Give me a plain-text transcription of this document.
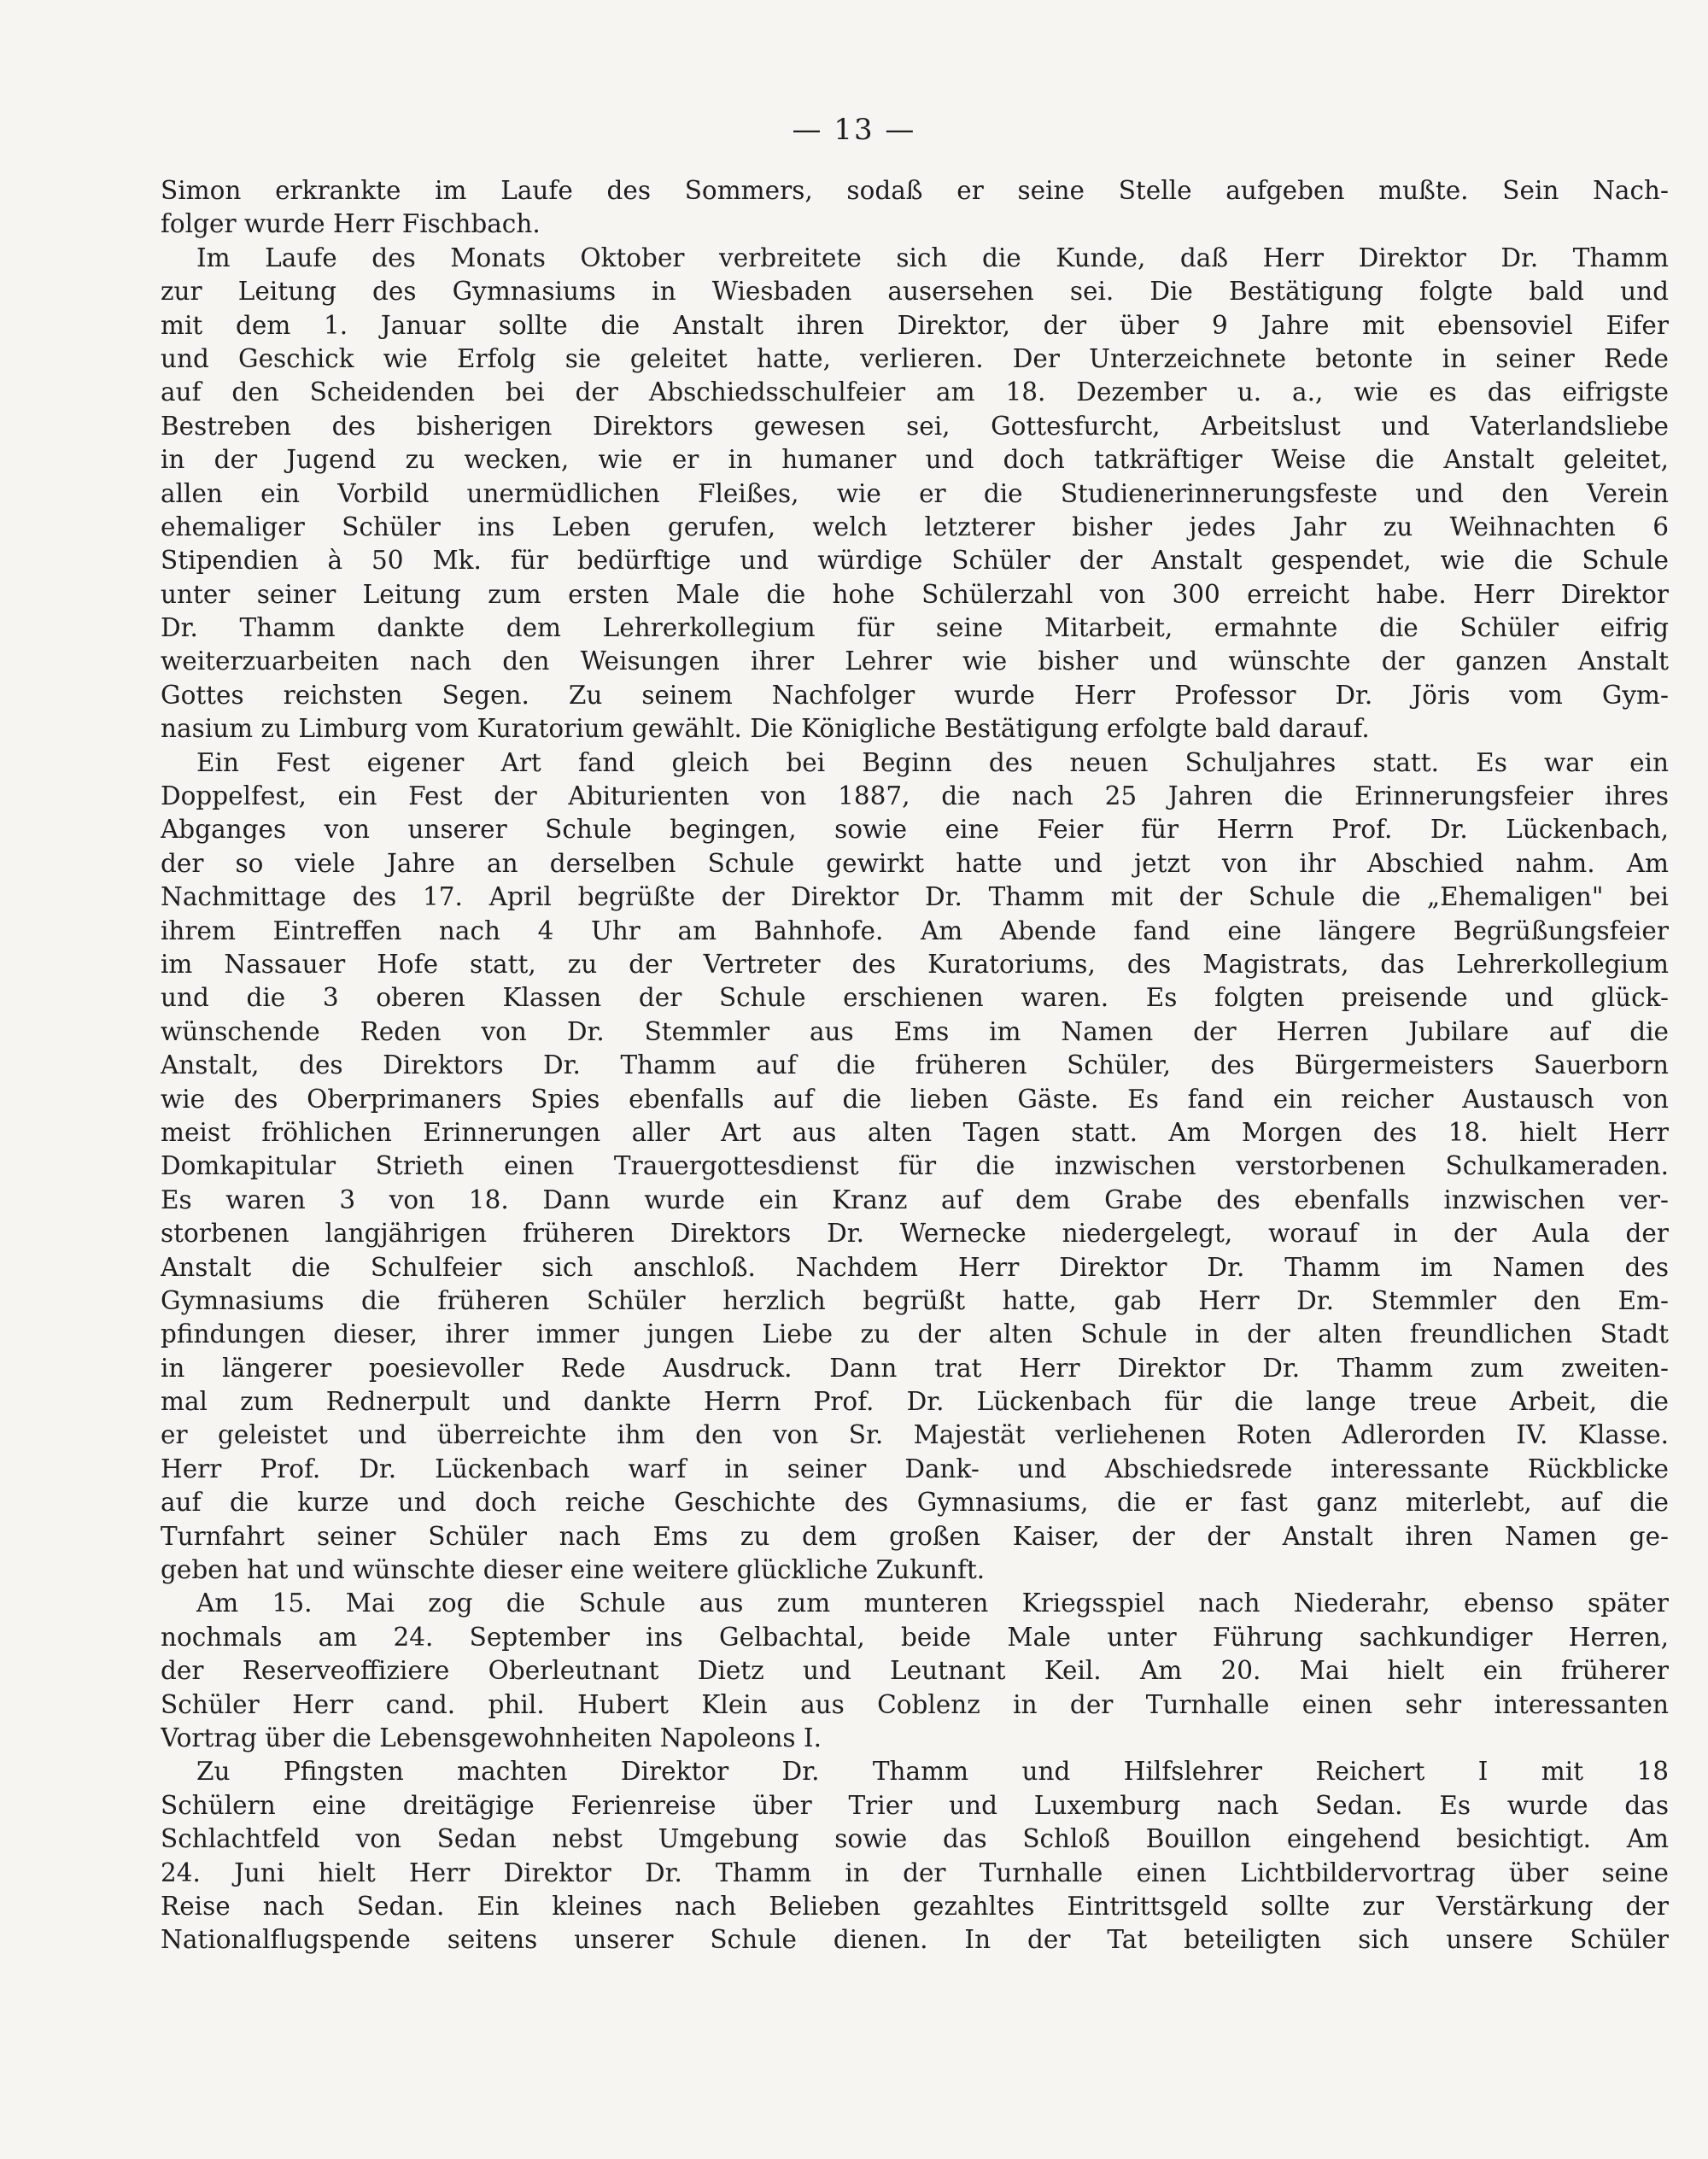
— 13 —
Simon erkrankte im Laufe des Sommers, sodaß er seine Stelle aufgeben mußte. Sein Nach-
folger wurde Herr Fischbach.
Im Laufe des Monats Oktober verbreitete sich die Kunde, daß Herr Direktor Dr. Thamm
zur Leitung des Gymnasiums in Wiesbaden ausersehen sei. Die Bestätigung folgte bald und
mit dem 1. Januar sollte die Anstalt ihren Direktor, der über 9 Jahre mit ebensoviel Eifer
und Geschick wie Erfolg sie geleitet hatte, verlieren. Der Unterzeichnete betonte in seiner Rede
auf den Scheidenden bei der Abschiedsschulfeier am 18. Dezember u. a., wie es das eifrigste
Bestreben des bisherigen Direktors gewesen sei, Gottesfurcht, Arbeitslust und Vaterlandsliebe
in der Jugend zu wecken, wie er in humaner und doch tatkräftiger Weise die Anstalt geleitet,
allen ein Vorbild unermüdlichen Fleißes, wie er die Studienerinnerungsfeste und den Verein
ehemaliger Schüler ins Leben gerufen, welch letzterer bisher jedes Jahr zu Weihnachten 6
Stipendien à 50 Mk. für bedürftige und würdige Schüler der Anstalt gespendet, wie die Schule
unter seiner Leitung zum ersten Male die hohe Schülerzahl von 300 erreicht habe. Herr Direktor
Dr. Thamm dankte dem Lehrerkollegium für seine Mitarbeit, ermahnte die Schüler eifrig
weiterzuarbeiten nach den Weisungen ihrer Lehrer wie bisher und wünschte der ganzen Anstalt
Gottes reichsten Segen. Zu seinem Nachfolger wurde Herr Professor Dr. Jöris vom Gym-
nasium zu Limburg vom Kuratorium gewählt. Die Königliche Bestätigung erfolgte bald darauf.
Ein Fest eigener Art fand gleich bei Beginn des neuen Schuljahres statt. Es war ein
Doppelfest, ein Fest der Abiturienten von 1887, die nach 25 Jahren die Erinnerungsfeier ihres
Abganges von unserer Schule begingen, sowie eine Feier für Herrn Prof. Dr. Lückenbach,
der so viele Jahre an derselben Schule gewirkt hatte und jetzt von ihr Abschied nahm. Am
Nachmittage des 17. April begrüßte der Direktor Dr. Thamm mit der Schule die „Ehemaligen" bei
ihrem Eintreffen nach 4 Uhr am Bahnhofe. Am Abende fand eine längere Begrüßungsfeier
im Nassauer Hofe statt, zu der Vertreter des Kuratoriums, des Magistrats, das Lehrerkollegium
und die 3 oberen Klassen der Schule erschienen waren. Es folgten preisende und glück-
wünschende Reden von Dr. Stemmler aus Ems im Namen der Herren Jubilare auf die
Anstalt, des Direktors Dr. Thamm auf die früheren Schüler, des Bürgermeisters Sauerborn
wie des Oberprimaners Spies ebenfalls auf die lieben Gäste. Es fand ein reicher Austausch von
meist fröhlichen Erinnerungen aller Art aus alten Tagen statt. Am Morgen des 18. hielt Herr
Domkapitular Strieth einen Trauergottesdienst für die inzwischen verstorbenen Schulkameraden.
Es waren 3 von 18. Dann wurde ein Kranz auf dem Grabe des ebenfalls inzwischen ver-
storbenen langjährigen früheren Direktors Dr. Wernecke niedergelegt, worauf in der Aula der
Anstalt die Schulfeier sich anschloß. Nachdem Herr Direktor Dr. Thamm im Namen des
Gymnasiums die früheren Schüler herzlich begrüßt hatte, gab Herr Dr. Stemmler den Em-
pfindungen dieser, ihrer immer jungen Liebe zu der alten Schule in der alten freundlichen Stadt
in längerer poesievoller Rede Ausdruck. Dann trat Herr Direktor Dr. Thamm zum zweiten-
mal zum Rednerpult und dankte Herrn Prof. Dr. Lückenbach für die lange treue Arbeit, die
er geleistet und überreichte ihm den von Sr. Majestät verliehenen Roten Adlerorden IV. Klasse.
Herr Prof. Dr. Lückenbach warf in seiner Dank- und Abschiedsrede interessante Rückblicke
auf die kurze und doch reiche Geschichte des Gymnasiums, die er fast ganz miterlebt, auf die
Turnfahrt seiner Schüler nach Ems zu dem großen Kaiser, der der Anstalt ihren Namen ge-
geben hat und wünschte dieser eine weitere glückliche Zukunft.
Am 15. Mai zog die Schule aus zum munteren Kriegsspiel nach Niederahr, ebenso später
nochmals am 24. September ins Gelbachtal, beide Male unter Führung sachkundiger Herren,
der Reserveoffiziere Oberleutnant Dietz und Leutnant Keil. Am 20. Mai hielt ein früherer
Schüler Herr cand. phil. Hubert Klein aus Coblenz in der Turnhalle einen sehr interessanten
Vortrag über die Lebensgewohnheiten Napoleons I.
Zu Pfingsten machten Direktor Dr. Thamm und Hilfslehrer Reichert I mit 18
Schülern eine dreitägige Ferienreise über Trier und Luxemburg nach Sedan. Es wurde das
Schlachtfeld von Sedan nebst Umgebung sowie das Schloß Bouillon eingehend besichtigt. Am
24. Juni hielt Herr Direktor Dr. Thamm in der Turnhalle einen Lichtbildervortrag über seine
Reise nach Sedan. Ein kleines nach Belieben gezahltes Eintrittsgeld sollte zur Verstärkung der
Nationalflugspende seitens unserer Schule dienen. In der Tat beteiligten sich unsere Schüler
